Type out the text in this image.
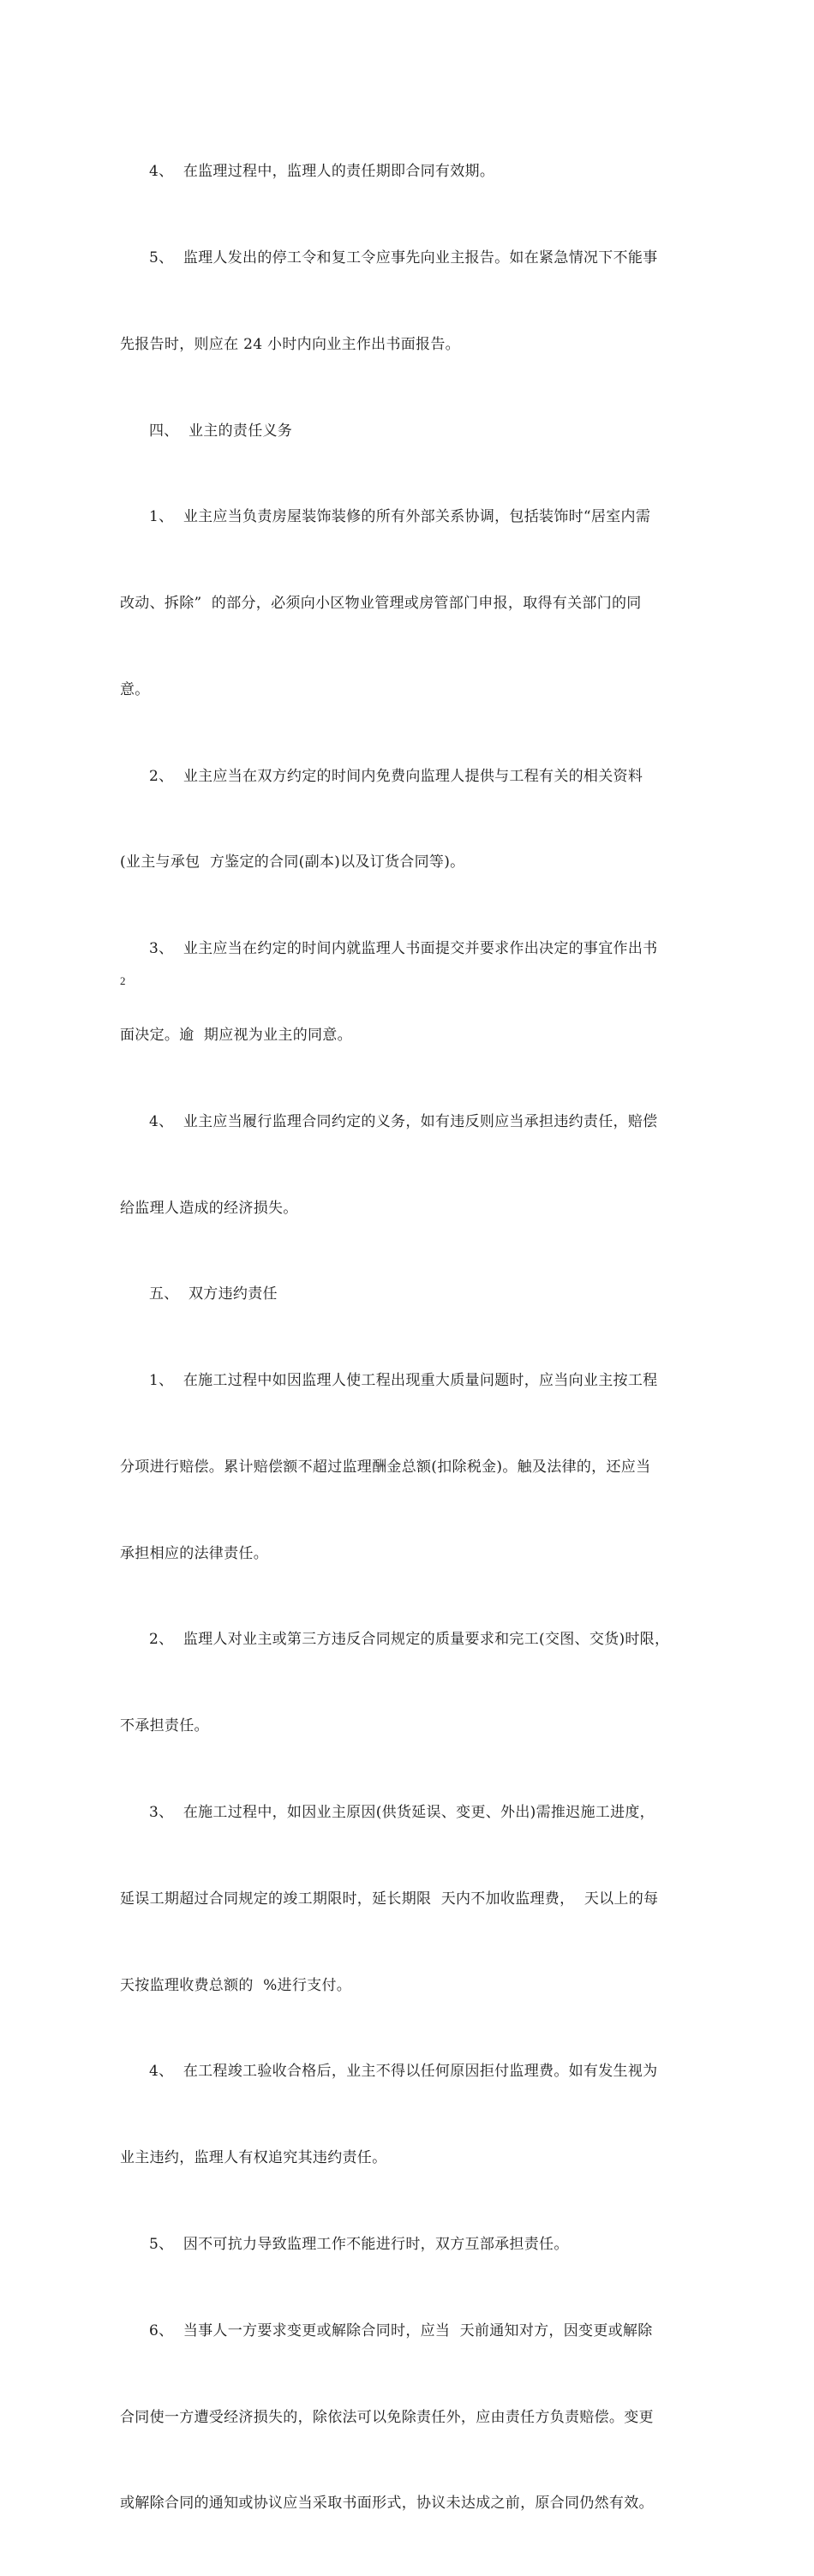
4、  在监理过程中，监理人的责任期即合同有效期。

5、  监理人发出的停工令和复工令应事先向业主报告。如在紧急情况下不能事

先报告时，则应在 24 小时内向业主作出书面报告。

四、  业主的责任义务

1、  业主应当负责房屋装饰装修的所有外部关系协调，包括装饰时“居室内需

改动、拆除”  的部分，必须向小区物业管理或房管部门申报，取得有关部门的同

意。

2、  业主应当在双方约定的时间内免费向监理人提供与工程有关的相关资料

(业主与承包  方鉴定的合同(副本)以及订货合同等)。

3、  业主应当在约定的时间内就监理人书面提交并要求作出决定的事宜作出书

面决定。逾  期应视为业主的同意。

4、  业主应当履行监理合同约定的义务，如有违反则应当承担违约责任，赔偿

给监理人造成的经济损失。

五、  双方违约责任

1、  在施工过程中如因监理人使工程出现重大质量问题时，应当向业主按工程

分项进行赔偿。累计赔偿额不超过监理酬金总额(扣除税金)。触及法律的，还应当

承担相应的法律责任。

2、  监理人对业主或第三方违反合同规定的质量要求和完工(交图、交货)时限，

不承担责任。

3、  在施工过程中，如因业主原因(供货延误、变更、外出)需推迟施工进度，

延误工期超过合同规定的竣工期限时，延长期限  天内不加收监理费，  天以上的每

天按监理收费总额的  %进行支付。

4、  在工程竣工验收合格后，业主不得以任何原因拒付监理费。如有发生视为

业主违约，监理人有权追究其违约责任。

5、  因不可抗力导致监理工作不能进行时，双方互部承担责任。

6、  当事人一方要求变更或解除合同时，应当  天前通知对方，因变更或解除

合同使一方遭受经济损失的，除依法可以免除责任外，应由责任方负责赔偿。变更

或解除合同的通知或协议应当采取书面形式，协议未达成之前，原合同仍然有效。

2
